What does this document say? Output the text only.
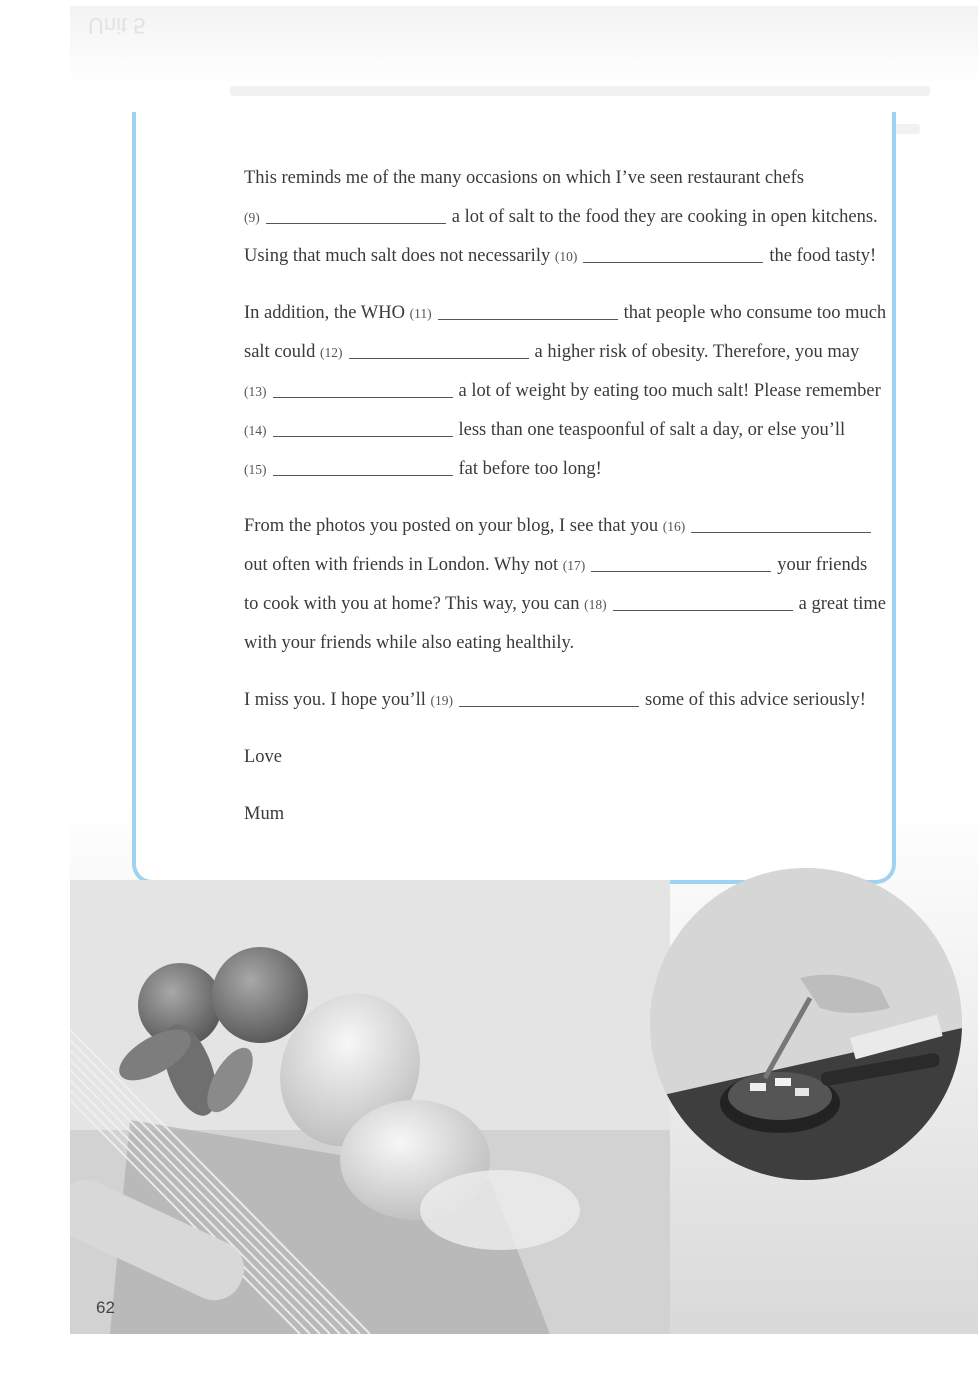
Unit 5
This reminds me of the many occasions on which I’ve seen restaurant chefs
(9)	a lot of salt to the food they are cooking in open kitchens.
Using that much salt does not necessarily (10)	the food tasty!
In addition, the WHO (11)	that people who consume too much
salt could (12)	a higher risk of obesity. Therefore, you may
(13)	a lot of weight by eating too much salt! Please remember
(14)	less than one teaspoonful of salt a day, or else you’ll
(15)	fat before too long!
From the photos you posted on your blog, I see that you (16)
out often with friends in London. Why not (17)	your friends
to cook with you at home? This way, you can (18)	a great time
with your friends while also eating healthily.
I miss you. I hope you’ll (19)	some of this advice seriously!
Love
Mum
62
